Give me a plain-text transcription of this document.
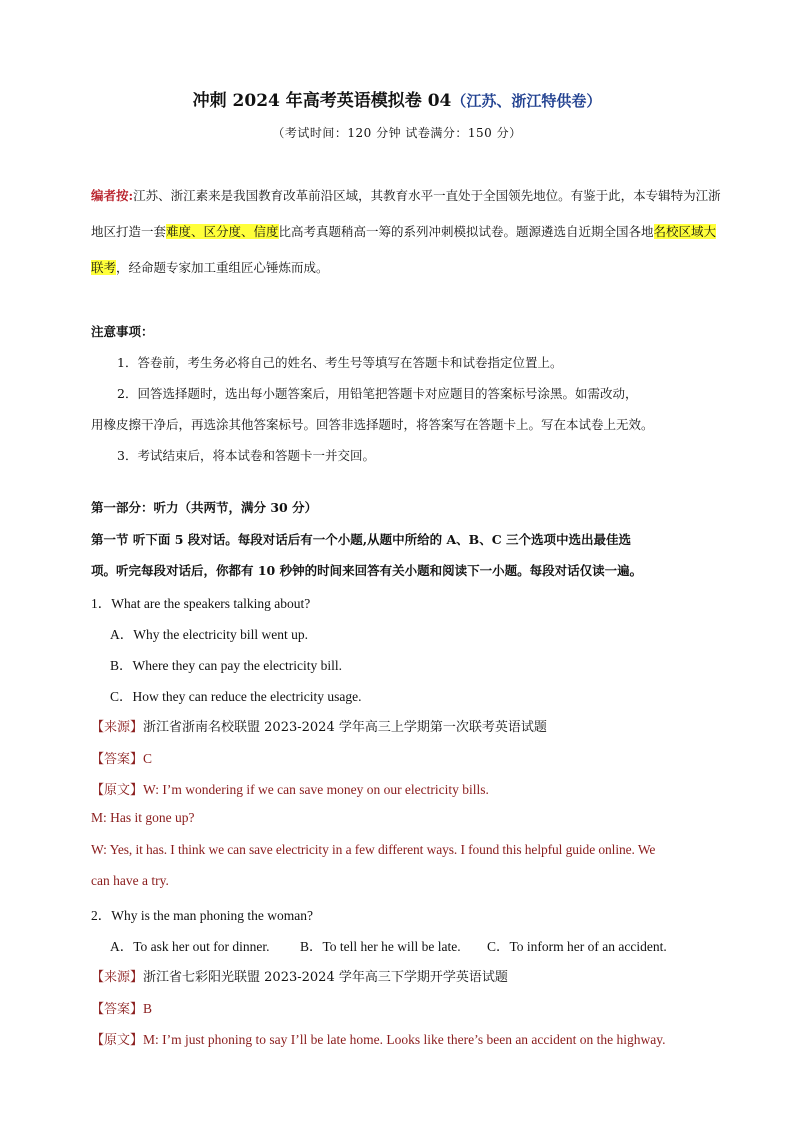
冲刺 2024 年高考英语模拟卷 04（江苏、浙江特供卷）
（考试时间：120 分钟 试卷满分：150 分）
编者按:江苏、浙江素来是我国教育改革前沿区域，其教育水平一直处于全国领先地位。有鉴于此，本专辑特为江浙
地区打造一套难度、区分度、信度比高考真题稍高一筹的系列冲刺模拟试卷。题源遴选自近期全国各地名校区域大
联考，经命题专家加工重组匠心锤炼而成。
注意事项：
1．答卷前，考生务必将自己的姓名、考生号等填写在答题卡和试卷指定位置上。
2．回答选择题时，选出每小题答案后，用铅笔把答题卡对应题目的答案标号涂黑。如需改动，
用橡皮擦干净后，再选涂其他答案标号。回答非选择题时，将答案写在答题卡上。写在本试卷上无效。
3．考试结束后，将本试卷和答题卡一并交回。
第一部分：听力（共两节，满分 30 分）
第一节 听下面 5 段对话。每段对话后有一个小题,从题中所给的 A、B、C 三个选项中选出最佳选
项。听完每段对话后，你都有 10 秒钟的时间来回答有关小题和阅读下一小题。每段对话仅读一遍。
1．What are the speakers talking about?
A．Why the electricity bill went up.
B．Where they can pay the electricity bill.
C．How they can reduce the electricity usage.
【来源】浙江省浙南名校联盟 2023-2024 学年高三上学期第一次联考英语试题
【答案】C
【原文】W: I’m wondering if we can save money on our electricity bills.
M: Has it gone up?
W: Yes, it has. I think we can save electricity in a few different ways. I found this helpful guide online. We
can have a try.
2．Why is the man phoning the woman?
A．To ask her out for dinner. B．To tell her he will be late. C．To inform her of an accident.
【来源】浙江省七彩阳光联盟 2023-2024 学年高三下学期开学英语试题
【答案】B
【原文】M: I’m just phoning to say I’ll be late home. Looks like there’s been an accident on the highway.
